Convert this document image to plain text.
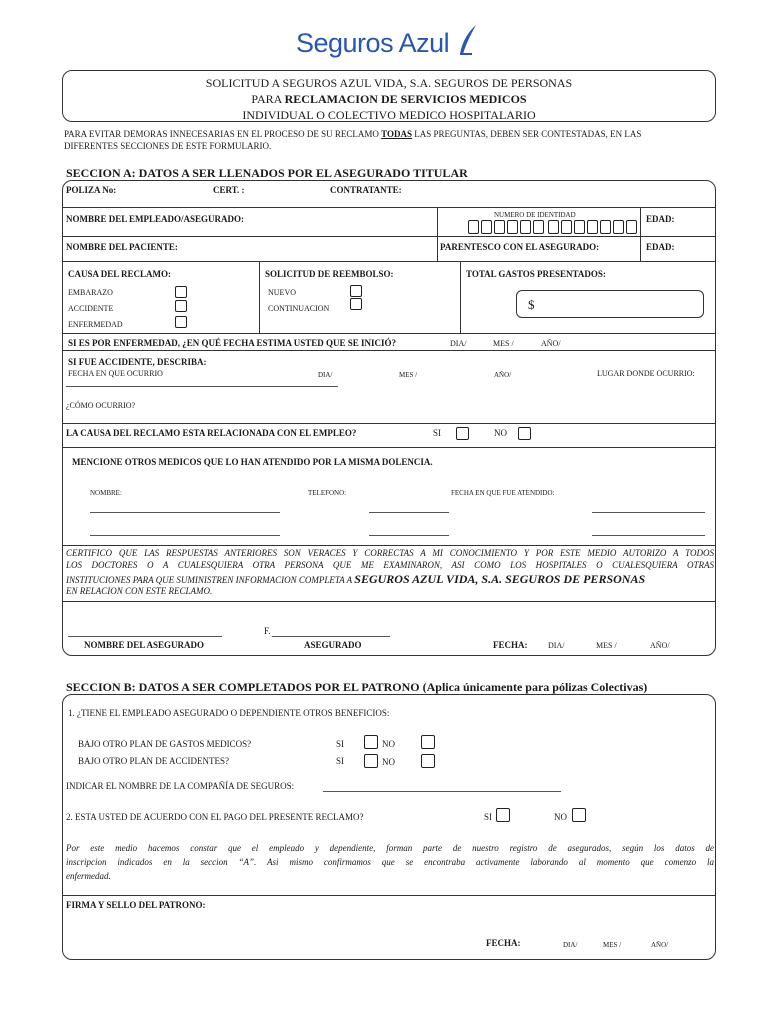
Seguros Azul
SOLICITUD A SEGUROS AZUL VIDA, S.A. SEGUROS DE PERSONAS
PARA RECLAMACION DE SERVICIOS MEDICOS
INDIVIDUAL O COLECTIVO MEDICO HOSPITALARIO
PARA EVITAR DEMORAS INNECESARIAS EN EL PROCESO DE SU RECLAMO TODAS LAS PREGUNTAS, DEBEN SER CONTESTADAS, EN LAS
DIFERENTES SECCIONES DE ESTE FORMULARIO.
SECCION A: DATOS A SER LLENADOS POR EL ASEGURADO TITULAR
POLIZA No:	CERT. :	CONTRATANTE:
NOMBRE DEL EMPLEADO/ASEGURADO:	NUMERO DE IDENTIDAD	EDAD:
NOMBRE DEL PACIENTE:	PARENTESCO CON EL ASEGURADO:	EDAD:
CAUSA DEL RECLAMO:
EMBARAZO
ACCIDENTE
ENFERMEDAD
SOLICITUD DE REEMBOLSO:
NUEVO
CONTINUACION
TOTAL GASTOS PRESENTADOS:
$
SI ES POR ENFERMEDAD, ¿EN QUÉ FECHA ESTIMA USTED QUE SE INICIÓ?	DIA/	MES /	AÑO/
SI FUE ACCIDENTE, DESCRIBA:
FECHA EN QUE OCURRIO	DIA/	MES /	AÑO/	LUGAR DONDE OCURRIO:
¿CÓMO OCURRIO?
LA CAUSA DEL RECLAMO ESTA RELACIONADA CON EL EMPLEO?	SI	NO
MENCIONE OTROS MEDICOS QUE LO HAN ATENDIDO POR LA MISMA DOLENCIA.
NOMBRE:	TELEFONO:	FECHA EN QUE FUE ATENDIDO:
CERTIFICO QUE LAS RESPUESTAS ANTERIORES SON VERACES Y CORRECTAS A MI CONOCIMIENTO Y POR ESTE MEDIO AUTORIZO A TODOS
LOS DOCTORES O A CUALESQUIERA OTRA PERSONA QUE ME EXAMINARON, ASI COMO LOS HOSPITALES O CUALESQUIERA OTRAS
INSTITUCIONES PARA QUE SUMINISTREN INFORMACION COMPLETA A SEGUROS AZUL VIDA, S.A. SEGUROS DE PERSONAS
EN RELACION CON ESTE RECLAMO.
F.
NOMBRE DEL ASEGURADO	ASEGURADO	FECHA:	DIA/	MES /	AÑO/
SECCION B: DATOS A SER COMPLETADOS POR EL PATRONO (Aplica únicamente para pólizas Colectivas)
1. ¿TIENE EL EMPLEADO ASEGURADO O DEPENDIENTE OTROS BENEFICIOS:
BAJO OTRO PLAN DE GASTOS MEDICOS?	SI	NO
BAJO OTRO PLAN DE ACCIDENTES?	SI	NO
INDICAR EL NOMBRE DE LA COMPAÑÍA DE SEGUROS:
2. ESTA USTED DE ACUERDO CON EL PAGO DEL PRESENTE RECLAMO?	SI	NO
Por este medio hacemos constar que el empleado y dependiente, forman parte de nuestro registro de asegurados, según los datos de
inscripcion indicados en la seccion “A”. Asi mismo confirmamos que se encontraba activamente laborando al momento que comenzo la
enfermedad.
FIRMA Y SELLO DEL PATRONO:
FECHA:	DIA/	MES /	AÑO/
